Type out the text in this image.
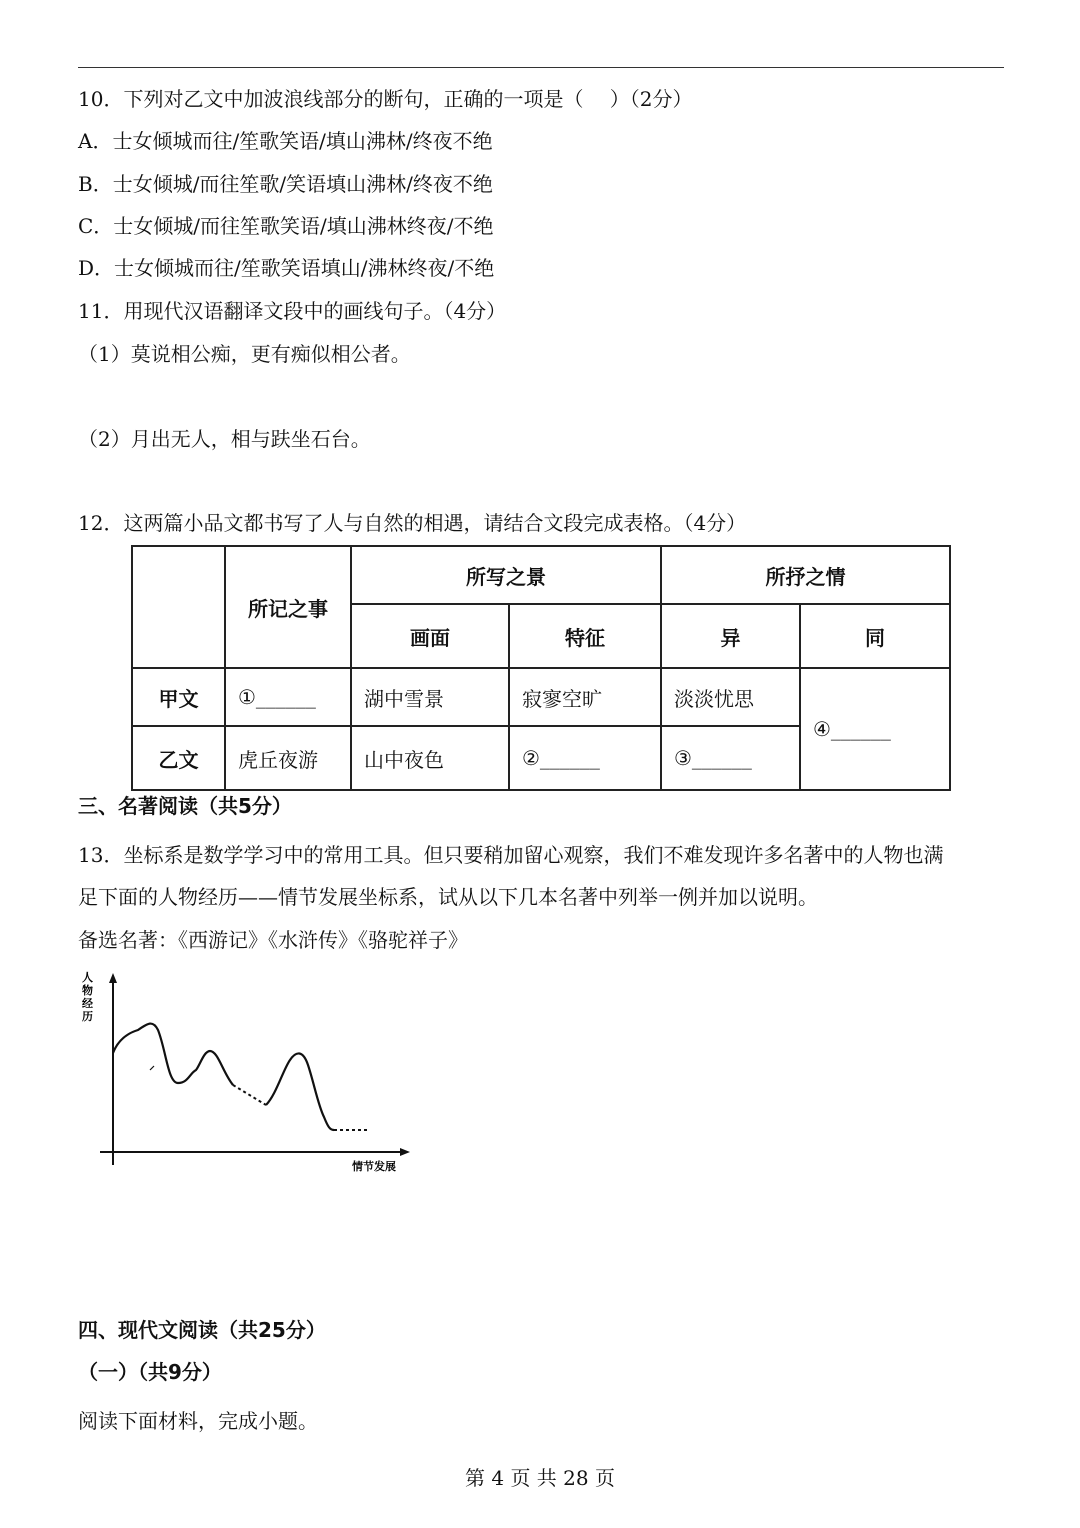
10．下列对乙文中加波浪线部分的断句，正确的一项是（　 ）（2分）
A．士女倾城而往/笙歌笑语/填山沸林/终夜不绝
B．士女倾城/而往笙歌/笑语填山沸林/终夜不绝
C．士女倾城/而往笙歌笑语/填山沸林终夜/不绝
D．士女倾城而往/笙歌笑语填山/沸林终夜/不绝
11．用现代汉语翻译文段中的画线句子。（4分）
（1）莫说相公痴，更有痴似相公者。
（2）月出无人，相与趺坐石台。
12．这两篇小品文都书写了人与自然的相遇，请结合文段完成表格。（4分）
	所记之事	所写之景		所抒之情	
		画面	特征	异	同
甲文	①______	湖中雪景	寂寥空旷	淡淡忧思	④______
乙文	虎丘夜游	山中夜色	②______	③______	
三、名著阅读（共5分）
13．坐标系是数学学习中的常用工具。但只要稍加留心观察，我们不难发现许多名著中的人物也满
足下面的人物经历——情节发展坐标系，试从以下几本名著中列举一例并加以说明。
备选名著：《西游记》《水浒传》《骆驼祥子》
人
物
经
历
情节发展
四、现代文阅读（共25分）
（一）（共9分）
阅读下面材料，完成小题。
第 4 页 共 28 页
